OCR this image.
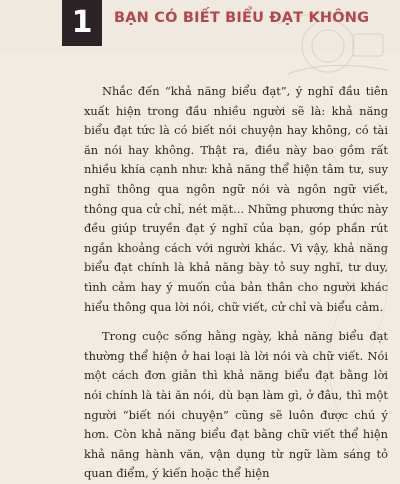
1 BẠN CÓ BIẾT BIỂU ĐẠT KHÔNG

Nhắc đến “khả năng biểu đạt”, ý nghĩ đầu tiên xuất hiện trong đầu nhiều người sẽ là: khả năng biểu đạt tức là có biết nói chuyện hay không, có tài ăn nói hay không. Thật ra, điều này bao gồm rất nhiều khía cạnh như: khả năng thể hiện tâm tư, suy nghĩ thông qua ngôn ngữ nói và ngôn ngữ viết, thông qua cử chỉ, nét mặt... Những phương thức này đều giúp truyền đạt ý nghĩ của bạn, góp phần rút ngắn khoảng cách với người khác. Vì vậy, khả năng biểu đạt chính là khả năng bày tỏ suy nghĩ, tư duy, tình cảm hay ý muốn của bản thân cho người khác hiểu thông qua lời nói, chữ viết, cử chỉ và biểu cảm.

Trong cuộc sống hằng ngày, khả năng biểu đạt thường thể hiện ở hai loại là lời nói và chữ viết. Nói một cách đơn giản thì khả năng biểu đạt bằng lời nói chính là tài ăn nói, dù bạn làm gì, ở đâu, thì một người “biết nói chuyện” cũng sẽ luôn được chú ý hơn. Còn khả năng biểu đạt bằng chữ viết thể hiện khả năng hành văn, vận dụng từ ngữ làm sáng tỏ quan điểm, ý kiến hoặc thể hiện
